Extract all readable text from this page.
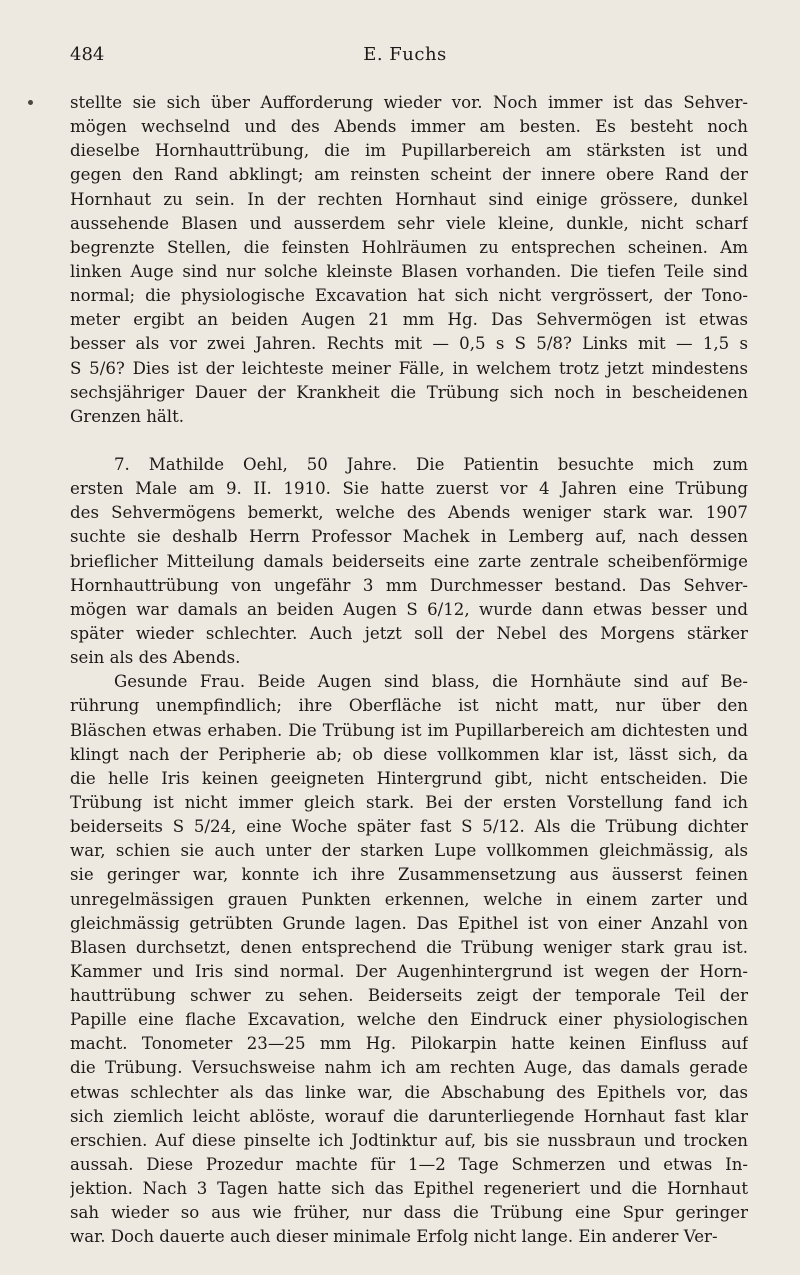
484	E. Fuchs
stellte sie sich über Aufforderung wieder vor. Noch immer ist das Sehver-
mögen wechselnd und des Abends immer am besten. Es besteht noch
dieselbe Hornhauttrübung, die im Pupillarbereich am stärksten ist und
gegen den Rand abklingt; am reinsten scheint der innere obere Rand der
Hornhaut zu sein. In der rechten Hornhaut sind einige grössere, dunkel
aussehende Blasen und ausserdem sehr viele kleine, dunkle, nicht scharf
begrenzte Stellen, die feinsten Hohlräumen zu entsprechen scheinen. Am
linken Auge sind nur solche kleinste Blasen vorhanden. Die tiefen Teile sind
normal; die physiologische Excavation hat sich nicht vergrössert, der Tono-
meter ergibt an beiden Augen 21 mm Hg. Das Sehvermögen ist etwas
besser als vor zwei Jahren. Rechts mit — 0,5 s S 5/8? Links mit — 1,5 s
S 5/6? Dies ist der leichteste meiner Fälle, in welchem trotz jetzt mindestens
sechsjähriger Dauer der Krankheit die Trübung sich noch in bescheidenen
Grenzen hält.
7. Mathilde Oehl, 50 Jahre. Die Patientin besuchte mich zum
ersten Male am 9. II. 1910. Sie hatte zuerst vor 4 Jahren eine Trübung
des Sehvermögens bemerkt, welche des Abends weniger stark war. 1907
suchte sie deshalb Herrn Professor Machek in Lemberg auf, nach dessen
brieflicher Mitteilung damals beiderseits eine zarte zentrale scheibenförmige
Hornhauttrübung von ungefähr 3 mm Durchmesser bestand. Das Sehver-
mögen war damals an beiden Augen S 6/12, wurde dann etwas besser und
später wieder schlechter. Auch jetzt soll der Nebel des Morgens stärker
sein als des Abends.
Gesunde Frau. Beide Augen sind blass, die Hornhäute sind auf Be-
rührung unempfindlich; ihre Oberfläche ist nicht matt, nur über den
Bläschen etwas erhaben. Die Trübung ist im Pupillarbereich am dichtesten und
klingt nach der Peripherie ab; ob diese vollkommen klar ist, lässt sich, da
die helle Iris keinen geeigneten Hintergrund gibt, nicht entscheiden. Die
Trübung ist nicht immer gleich stark. Bei der ersten Vorstellung fand ich
beiderseits S 5/24, eine Woche später fast S 5/12. Als die Trübung dichter
war, schien sie auch unter der starken Lupe vollkommen gleichmässig, als
sie geringer war, konnte ich ihre Zusammensetzung aus äusserst feinen
unregelmässigen grauen Punkten erkennen, welche in einem zarter und
gleichmässig getrübten Grunde lagen. Das Epithel ist von einer Anzahl von
Blasen durchsetzt, denen entsprechend die Trübung weniger stark grau ist.
Kammer und Iris sind normal. Der Augenhintergrund ist wegen der Horn-
hauttrübung schwer zu sehen. Beiderseits zeigt der temporale Teil der
Papille eine flache Excavation, welche den Eindruck einer physiologischen
macht. Tonometer 23—25 mm Hg. Pilokarpin hatte keinen Einfluss auf
die Trübung. Versuchsweise nahm ich am rechten Auge, das damals gerade
etwas schlechter als das linke war, die Abschabung des Epithels vor, das
sich ziemlich leicht ablöste, worauf die darunterliegende Hornhaut fast klar
erschien. Auf diese pinselte ich Jodtinktur auf, bis sie nussbraun und trocken
aussah. Diese Prozedur machte für 1—2 Tage Schmerzen und etwas In-
jektion. Nach 3 Tagen hatte sich das Epithel regeneriert und die Hornhaut
sah wieder so aus wie früher, nur dass die Trübung eine Spur geringer
war. Doch dauerte auch dieser minimale Erfolg nicht lange. Ein anderer Ver-
